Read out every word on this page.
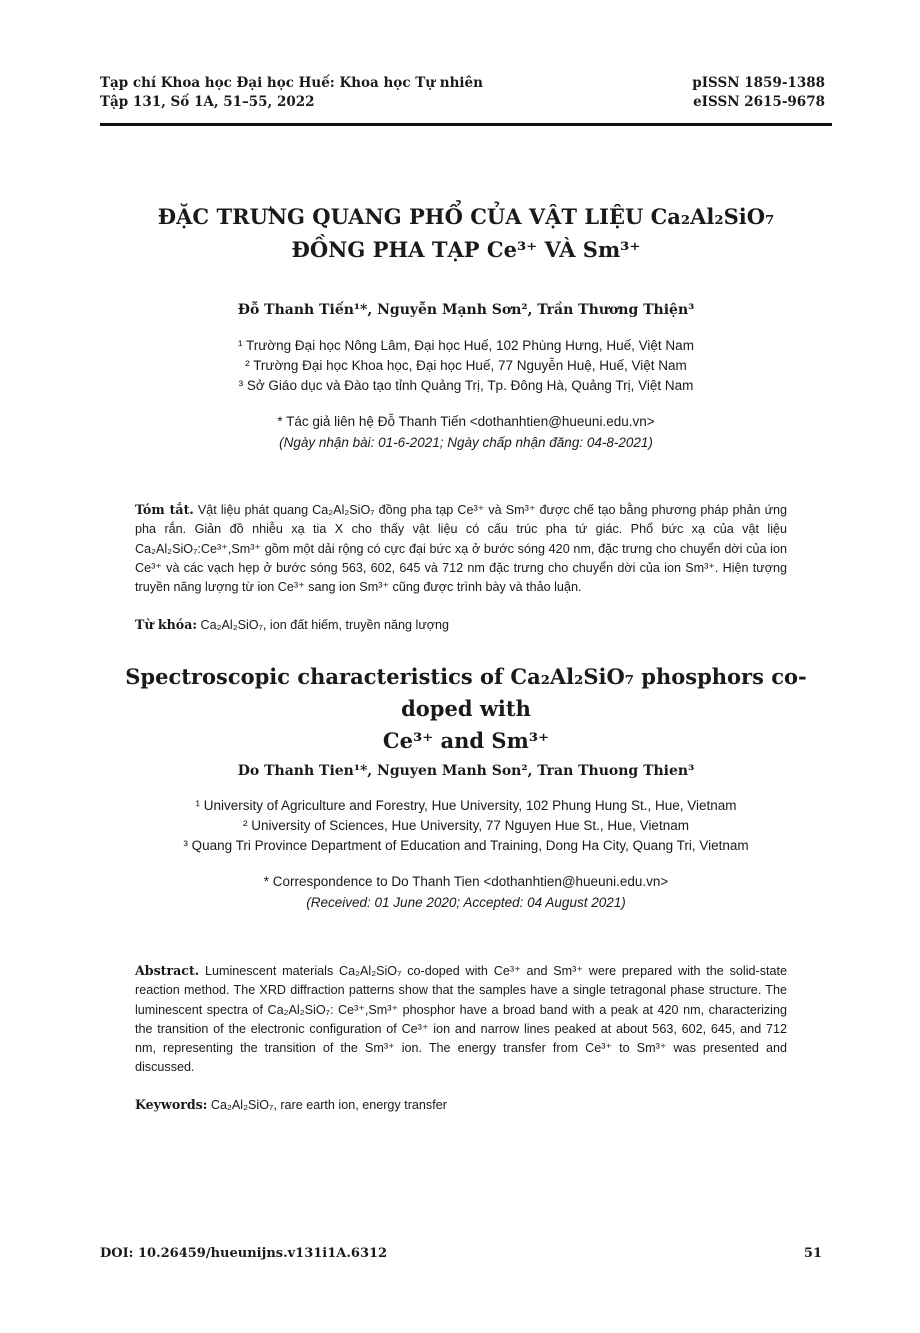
Tạp chí Khoa học Đại học Huế: Khoa học Tự nhiên
Tập 131, Số 1A, 51–55, 2022
pISSN 1859-1388
eISSN 2615-9678
ĐẶC TRƯNG QUANG PHỔ CỦA VẬT LIỆU Ca₂Al₂SiO₇
ĐỒNG PHA TẠP Ce³⁺ VÀ Sm³⁺
Đỗ Thanh Tiến¹*, Nguyễn Mạnh Sơn², Trần Thương Thiện³
¹ Trường Đại học Nông Lâm, Đại học Huế, 102 Phùng Hưng, Huế, Việt Nam
² Trường Đại học Khoa học, Đại học Huế, 77 Nguyễn Huệ, Huế, Việt Nam
³ Sở Giáo dục và Đào tạo tỉnh Quảng Trị, Tp. Đông Hà, Quảng Trị, Việt Nam
* Tác giả liên hệ Đỗ Thanh Tiến <dothanhtien@hueuni.edu.vn>
(Ngày nhận bài: 01-6-2021; Ngày chấp nhận đăng: 04-8-2021)
Tóm tắt. Vật liệu phát quang Ca₂Al₂SiO₇ đồng pha tạp Ce³⁺ và Sm³⁺ được chế tạo bằng phương pháp phản ứng pha rắn. Giản đồ nhiễu xạ tia X cho thấy vật liệu có cấu trúc pha tứ giác. Phổ bức xạ của vật liệu Ca₂Al₂SiO₇:Ce³⁺,Sm³⁺ gồm một dải rộng có cực đại bức xạ ở bước sóng 420 nm, đặc trưng cho chuyển dời của ion Ce³⁺ và các vạch hẹp ở bước sóng 563, 602, 645 và 712 nm đặc trưng cho chuyển dời của ion Sm³⁺. Hiện tượng truyền năng lượng từ ion Ce³⁺ sang ion Sm³⁺ cũng được trình bày và thảo luận.
Từ khóa: Ca₂Al₂SiO₇, ion đất hiếm, truyền năng lượng
Spectroscopic characteristics of Ca₂Al₂SiO₇ phosphors co-doped with
Ce³⁺ and Sm³⁺
Do Thanh Tien¹*, Nguyen Manh Son², Tran Thuong Thien³
¹ University of Agriculture and Forestry, Hue University, 102 Phung Hung St., Hue, Vietnam
² University of Sciences, Hue University, 77 Nguyen Hue St., Hue, Vietnam
³ Quang Tri Province Department of Education and Training, Dong Ha City, Quang Tri, Vietnam
* Correspondence to Do Thanh Tien <dothanhtien@hueuni.edu.vn>
(Received: 01 June 2020; Accepted: 04 August 2021)
Abstract. Luminescent materials Ca₂Al₂SiO₇ co-doped with Ce³⁺ and Sm³⁺ were prepared with the solid-state reaction method. The XRD diffraction patterns show that the samples have a single tetragonal phase structure. The luminescent spectra of Ca₂Al₂SiO₇: Ce³⁺,Sm³⁺ phosphor have a broad band with a peak at 420 nm, characterizing the transition of the electronic configuration of Ce³⁺ ion and narrow lines peaked at about 563, 602, 645, and 712 nm, representing the transition of the Sm³⁺ ion. The energy transfer from Ce³⁺ to Sm³⁺ was presented and discussed.
Keywords: Ca₂Al₂SiO₇, rare earth ion, energy transfer
DOI: 10.26459/hueunijns.v131i1A.6312	51
